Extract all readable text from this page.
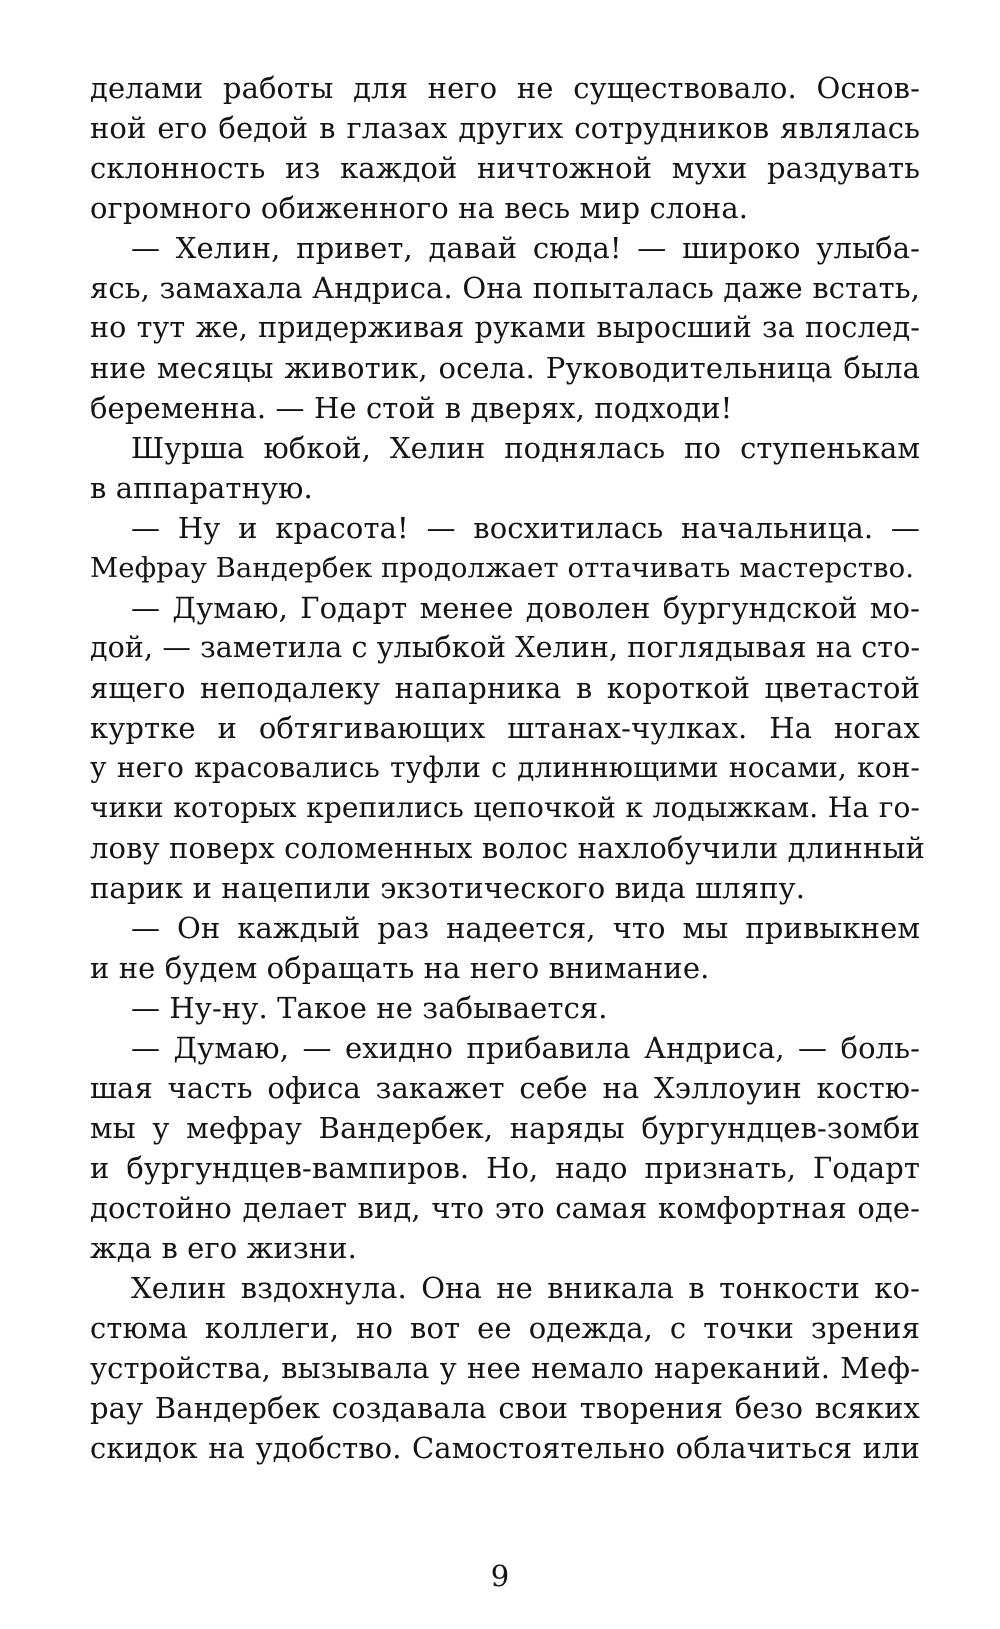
делами работы для него не существовало. Основ-
ной его бедой в глазах других сотрудников являлась
склонность из каждой ничтожной мухи раздувать
огромного обиженного на весь мир слона.
— Хелин, привет, давай сюда! — широко улыба-
ясь, замахала Андриса. Она попыталась даже встать,
но тут же, придерживая руками выросший за послед-
ние месяцы животик, осела. Руководительница была
беременна. — Не стой в дверях, подходи!
Шурша юбкой, Хелин поднялась по ступенькам
в аппаратную.
— Ну и красота! — восхитилась начальница. —
Мефрау Вандербек продолжает оттачивать мастерство.
— Думаю, Годарт менее доволен бургундской мо-
дой, — заметила с улыбкой Хелин, поглядывая на сто-
ящего неподалеку напарника в короткой цветастой
куртке и обтягивающих штанах-чулках. На ногах
у него красовались туфли с длиннющими носами, кон-
чики которых крепились цепочкой к лодыжкам. На го-
лову поверх соломенных волос нахлобучили длинный
парик и нацепили экзотического вида шляпу.
— Он каждый раз надеется, что мы привыкнем
и не будем обращать на него внимание.
— Ну-ну. Такое не забывается.
— Думаю, — ехидно прибавила Андриса, — боль-
шая часть офиса закажет себе на Хэллоуин костю-
мы у мефрау Вандербек, наряды бургундцев-зомби
и бургундцев-вампиров. Но, надо признать, Годарт
достойно делает вид, что это самая комфортная оде-
жда в его жизни.
Хелин вздохнула. Она не вникала в тонкости ко-
стюма коллеги, но вот ее одежда, с точки зрения
устройства, вызывала у нее немало нареканий. Меф-
рау Вандербек создавала свои творения безо всяких
скидок на удобство. Самостоятельно облачиться или
9
